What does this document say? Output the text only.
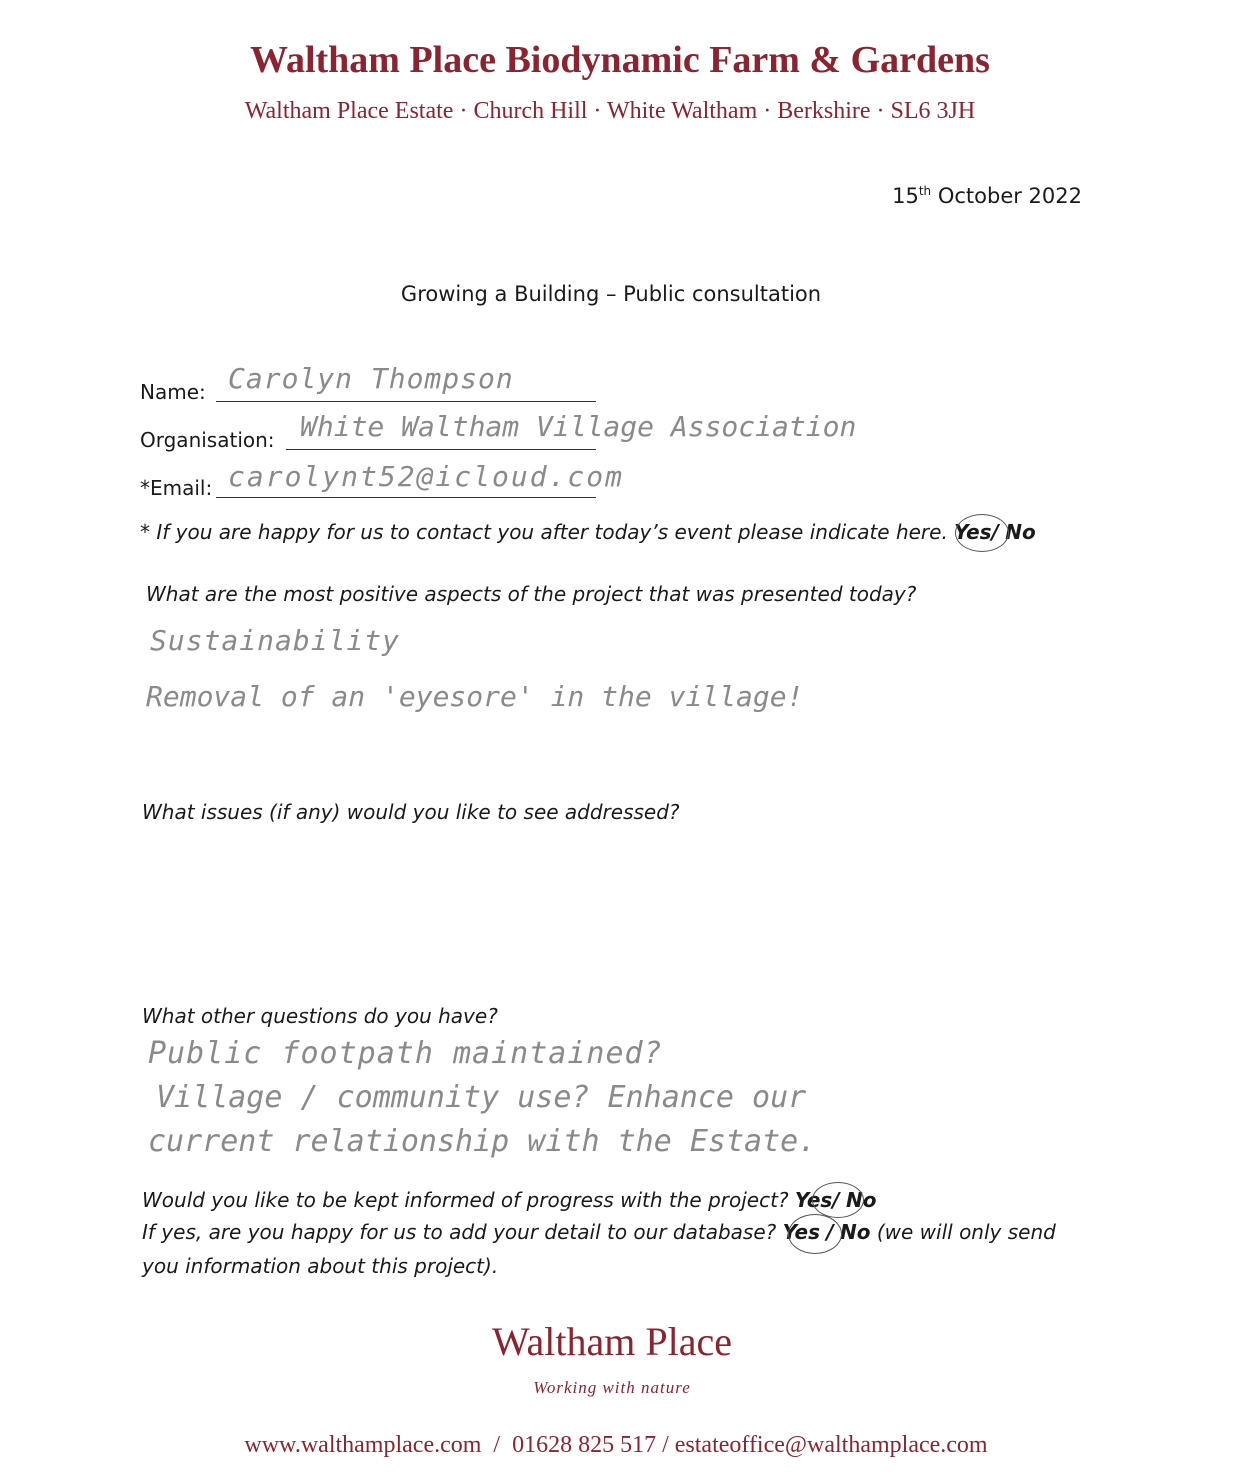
Waltham Place Biodynamic Farm & Gardens
Waltham Place Estate · Church Hill · White Waltham · Berkshire · SL6 3JH
15th October 2022
Growing a Building – Public consultation
Name: Carolyn Thompson
Organisation: White Waltham Village Association
*Email: carolynt52@icloud.com
* If you are happy for us to contact you after today’s event please indicate here. Yes/ No
What are the most positive aspects of the project that was presented today?
Sustainability
Removal of an 'eyesore' in the village!
What issues (if any) would you like to see addressed?
What other questions do you have?
Public footpath maintained?
Village / community use? Enhance our
current relationship with the Estate.
Would you like to be kept informed of progress with the project? Yes/ No
If yes, are you happy for us to add your detail to our database? Yes / No (we will only send
you information about this project).
Waltham Place
Working with nature
www.walthamplace.com  /  01628 825 517 / estateoffice@walthamplace.com
